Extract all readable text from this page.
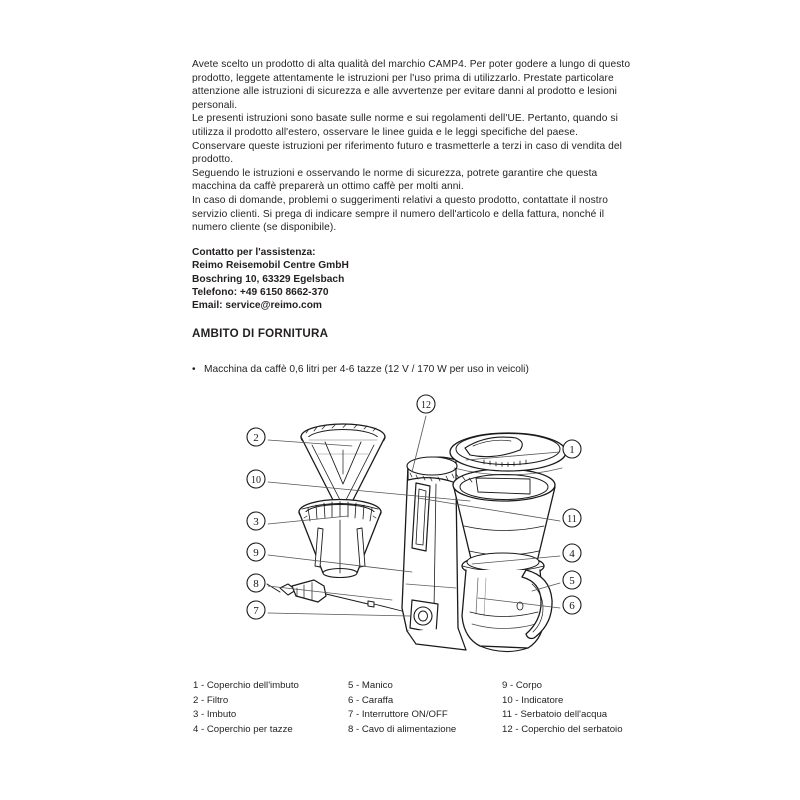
Avete scelto un prodotto di alta qualità del marchio CAMP4. Per poter godere a lungo di questo prodotto, leggete attentamente le istruzioni per l'uso prima di utilizzarlo. Prestate particolare attenzione alle istruzioni di sicurezza e alle avvertenze per evitare danni al prodotto e lesioni personali.

Le presenti istruzioni sono basate sulle norme e sui regolamenti dell'UE. Pertanto, quando si utilizza il prodotto all'estero, osservare le linee guida e le leggi specifiche del paese.

Conservare queste istruzioni per riferimento futuro e trasmetterle a terzi in caso di vendita del prodotto.

Seguendo le istruzioni e osservando le norme di sicurezza, potrete garantire che questa macchina da caffè preparerà un ottimo caffè per molti anni.

In caso di domande, problemi o suggerimenti relativi a questo prodotto, contattate il nostro servizio clienti. Si prega di indicare sempre il numero dell'articolo e della fattura, nonché il numero cliente (se disponibile).

Contatto per l'assistenza:
Reimo Reisemobil Centre GmbH
Boschring 10, 63329 Egelsbach
Telefono: +49 6150 8662-370
Email: service@reimo.com
AMBITO DI FORNITURA
• Macchina da caffè 0,6 litri per 4-6 tazze (12 V / 170 W per uso in veicoli)
1
2
3
4
5
6
7
8
9
10
11
12
1 - Coperchio dell'imbuto
2 - Filtro
3 - Imbuto
4 - Coperchio per tazze
5 - Manico
6 - Caraffa
7 - Interruttore ON/OFF
8 - Cavo di alimentazione
9 - Corpo
10 - Indicatore
11 - Serbatoio dell'acqua
12 - Coperchio del serbatoio
